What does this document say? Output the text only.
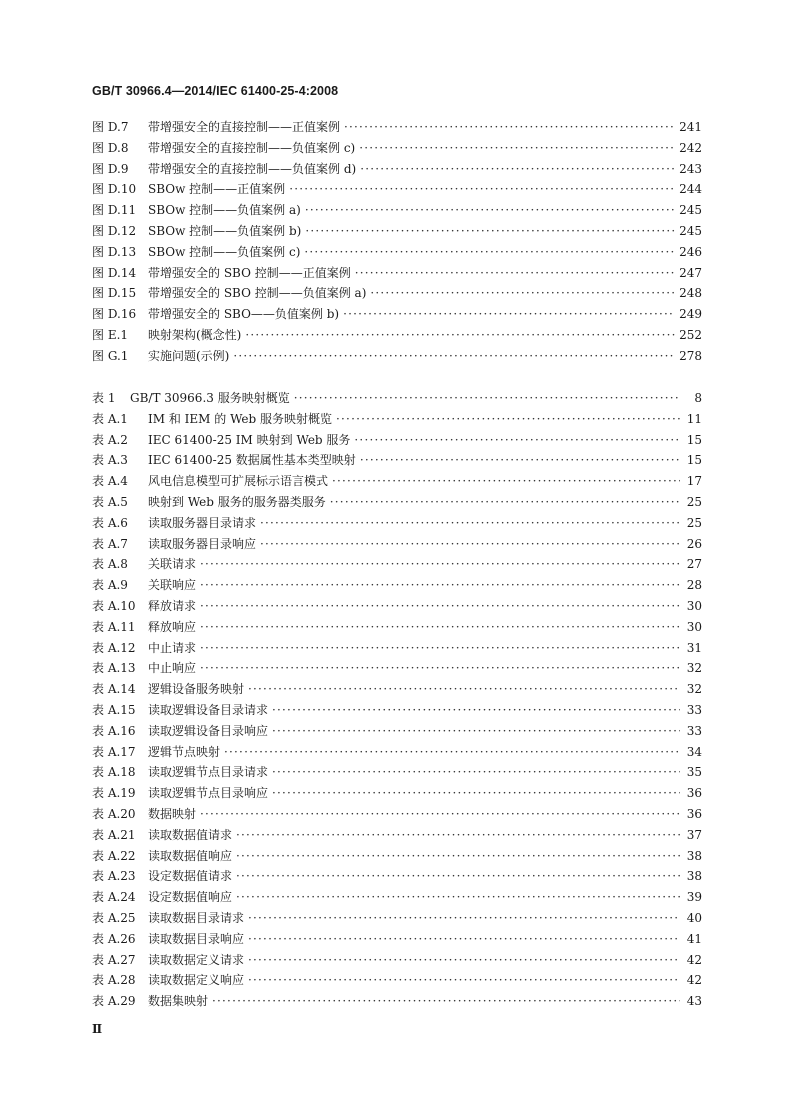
GB/T 30966.4—2014/IEC 61400-25-4:2008
图 D.7	带增强安全的直接控制——正值案例 ·····	241
图 D.8	带增强安全的直接控制——负值案例 c) ·····	242
图 D.9	带增强安全的直接控制——负值案例 d) ·····	243
图 D.10 SBOw 控制——正值案例 ·····	244
图 D.11 SBOw 控制——负值案例 a) ·····	245
图 D.12 SBOw 控制——负值案例 b) ·····	245
图 D.13 SBOw 控制——负值案例 c) ·····	246
图 D.14 带增强安全的 SBO 控制——正值案例 ·····	247
图 D.15 带增强安全的 SBO 控制——负值案例 a) ·····	248
图 D.16 带增强安全的 SBO——负值案例 b) ·····	249
图 E.1	映射架构(概念性) ·····	252
图 G.1	实施问题(示例) ·····	278
表 1	GB/T 30966.3 服务映射概览 ·····	8
表 A.1	IM 和 IEM 的 Web 服务映射概览 ·····	11
表 A.2	IEC 61400-25 IM 映射到 Web 服务 ·····	15
表 A.3	IEC 61400-25 数据属性基本类型映射 ·····	15
表 A.4	风电信息模型可扩展标示语言模式 ·····	17
表 A.5	映射到 Web 服务的服务器类服务 ·····	25
表 A.6	读取服务器目录请求 ·····	25
表 A.7	读取服务器目录响应 ·····	26
表 A.8	关联请求 ·····	27
表 A.9	关联响应 ·····	28
表 A.10	释放请求 ·····	30
表 A.11	释放响应 ·····	30
表 A.12	中止请求 ·····	31
表 A.13	中止响应 ·····	32
表 A.14	逻辑设备服务映射 ·····	32
表 A.15	读取逻辑设备目录请求 ·····	33
表 A.16	读取逻辑设备目录响应 ·····	33
表 A.17	逻辑节点映射 ·····	34
表 A.18	读取逻辑节点目录请求 ·····	35
表 A.19	读取逻辑节点目录响应 ·····	36
表 A.20	数据映射 ·····	36
表 A.21	读取数据值请求 ·····	37
表 A.22	读取数据值响应 ·····	38
表 A.23	设定数据值请求 ·····	38
表 A.24	设定数据值响应 ·····	39
表 A.25	读取数据目录请求 ·····	40
表 A.26	读取数据目录响应 ·····	41
表 A.27	读取数据定义请求 ·····	42
表 A.28	读取数据定义响应 ·····	42
表 A.29	数据集映射 ·····	43
Ⅱ
